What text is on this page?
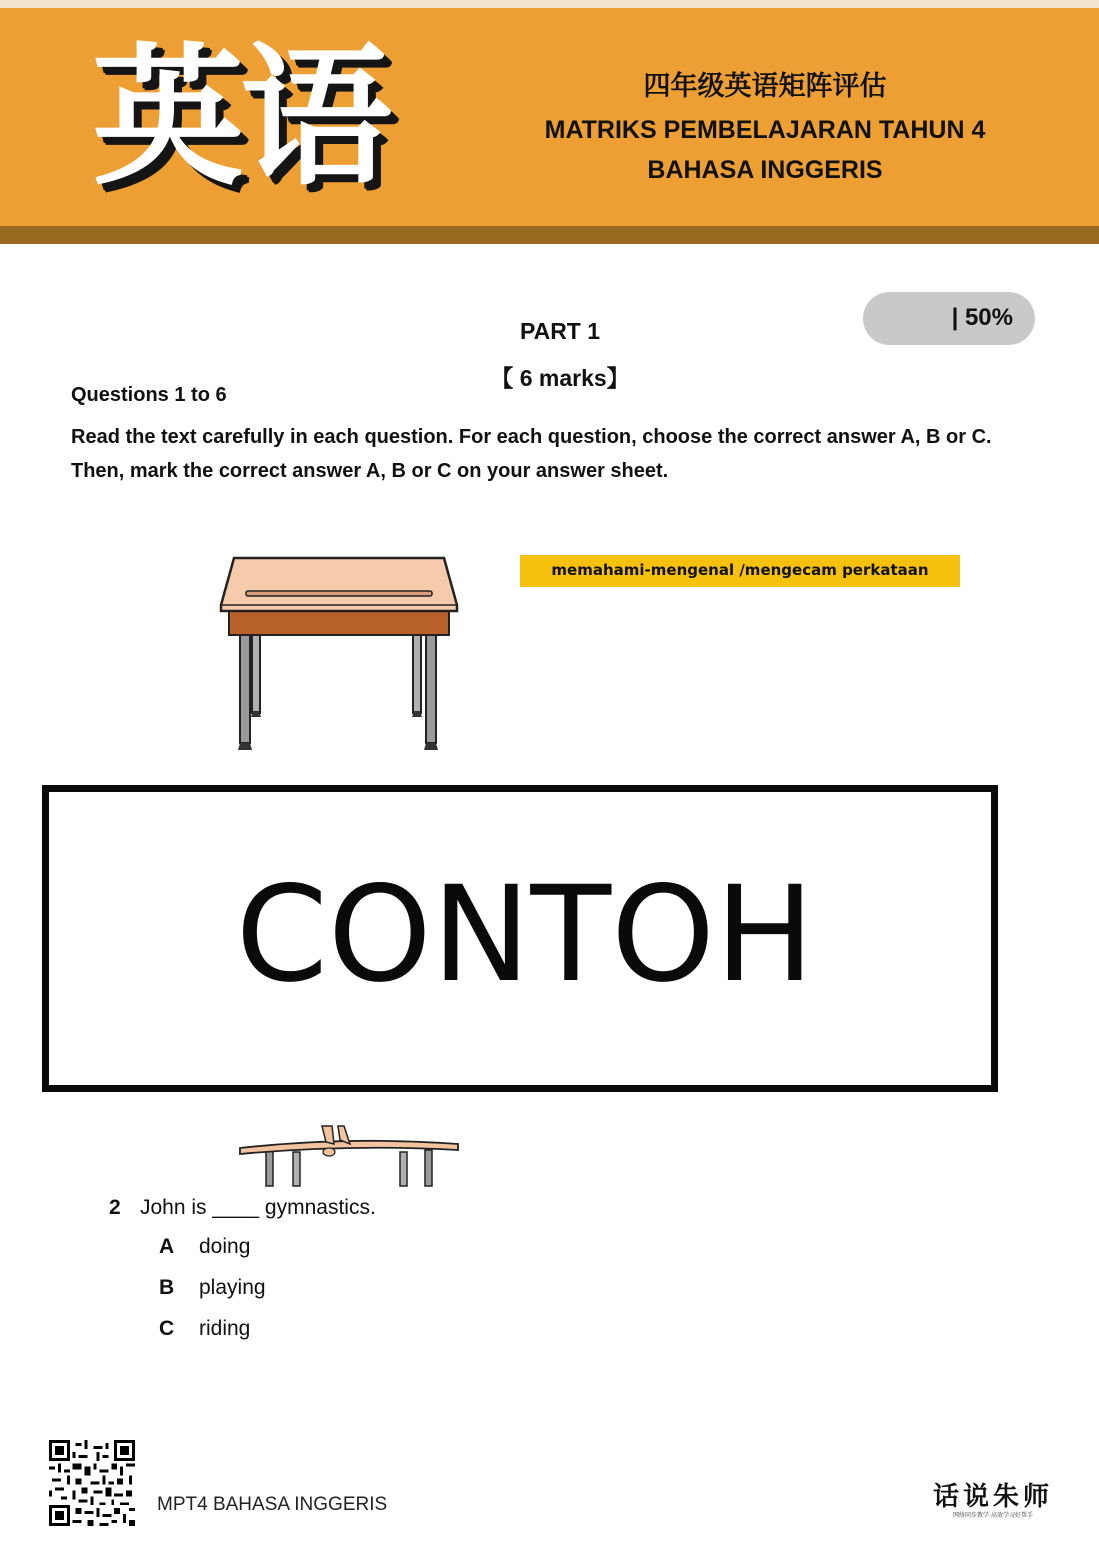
英语	四年级英语矩阵评估
MATRIKS PEMBELAJARAN TAHUN 4
BAHASA INGGERIS
| 50%
PART 1
【 6 marks】
Questions 1 to 6
Read the text carefully in each question. For each question, choose the correct answer A, B or C. Then, mark the correct answer A, B or C on your answer sheet.
memahami-mengenal /mengecam perkataan
CONTOH
2 John is ____ gymnastics.
A doing
B playing
C riding
MPT4 BAHASA INGGERIS	话说朱师
网络同步教学·高效学习好帮手
